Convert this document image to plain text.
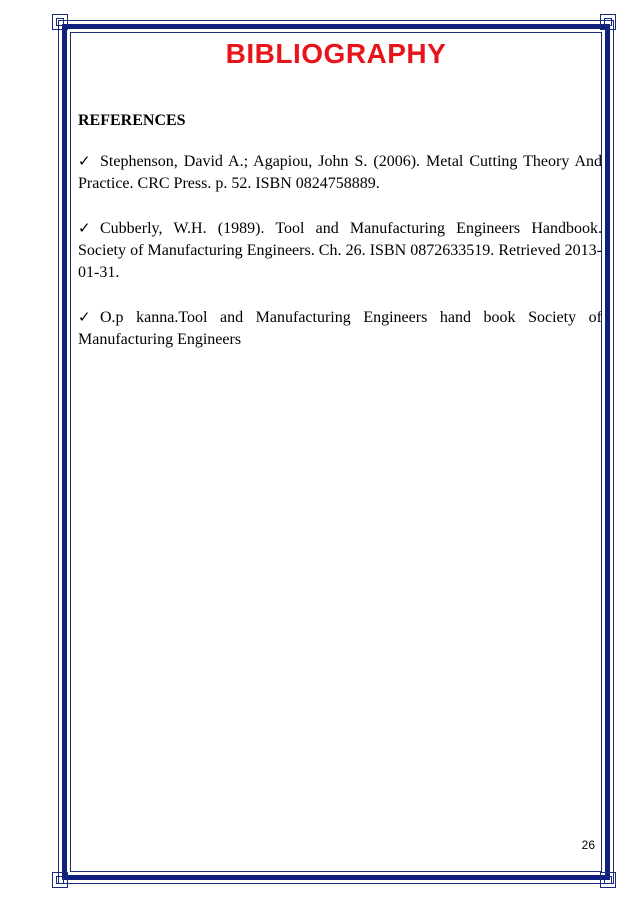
BIBLIOGRAPHY
REFERENCES
✓ Stephenson, David A.; Agapiou, John S. (2006). Metal Cutting Theory And Practice. CRC Press. p. 52. ISBN 0824758889.
✓ Cubberly, W.H. (1989). Tool and Manufacturing Engineers Handbook. Society of Manufacturing Engineers. Ch. 26. ISBN 0872633519. Retrieved 2013-01-31.
✓ O.p kanna.Tool and Manufacturing Engineers hand book Society of Manufacturing Engineers
26
